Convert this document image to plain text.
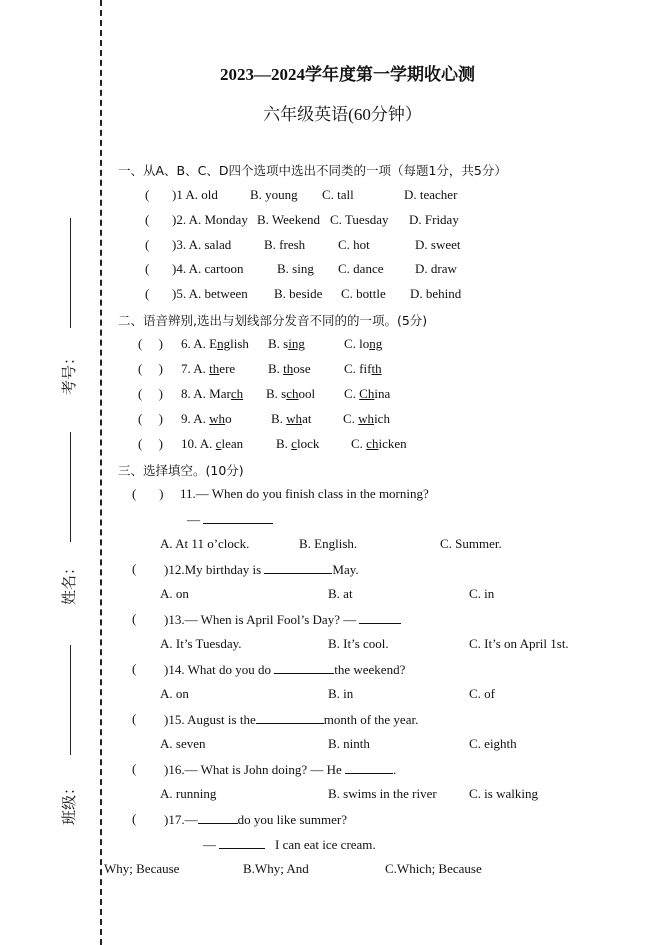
考号：
姓名：
班级：
2023—2024学年度第一学期收心测
六年级英语(60分钟）
一、从A、B、C、D四个选项中选出不同类的一项（每题1分，共5分）
( )1 A. old B. young C. tall	D. teacher
( )2. A. Monday B. Weekend C. Tuesday D. Friday
( )3. A. salad	B. fresh	C. hot	D. sweet
( )4. A. cartoon	B. sing C. dance D. draw
( )5. A. between B. beside C. bottle D. behind
二、语音辨别,选出与划线部分发音不同的的一项。(5分)
(     ) 6. A. English B. sing	C. long
(     ) 7. A. there	B. those	C. fifth
(     ) 8. A. March B. school C. China
(     ) 9. A. who	B. what C. which
(     ) 10. A. clean	B. clock C. chicken
三、选择填空。(10分)
(       ) 11.— When do you finish class in the morning?
—
A. At 11 o’clock.	B. English.	C. Summer.
( )12.My birthday is	May.
A. on	B. at	C. in
( )13.— When is April Fool’s Day? —
A. It’s Tuesday.	B. It’s cool.	C. It’s on April 1st.
( )14. What do you do	the weekend?
A. on	B. in	C. of
( )15. August is the	month of the year.
A. seven	B. ninth	C. eighth
( )16.— What is John doing? — He	.
A. running	B. swims in the river C. is walking
( )17.—	do you like summer?
—	I can eat ice cream.
Why; Because	B.Why; And	C.Which; Because
